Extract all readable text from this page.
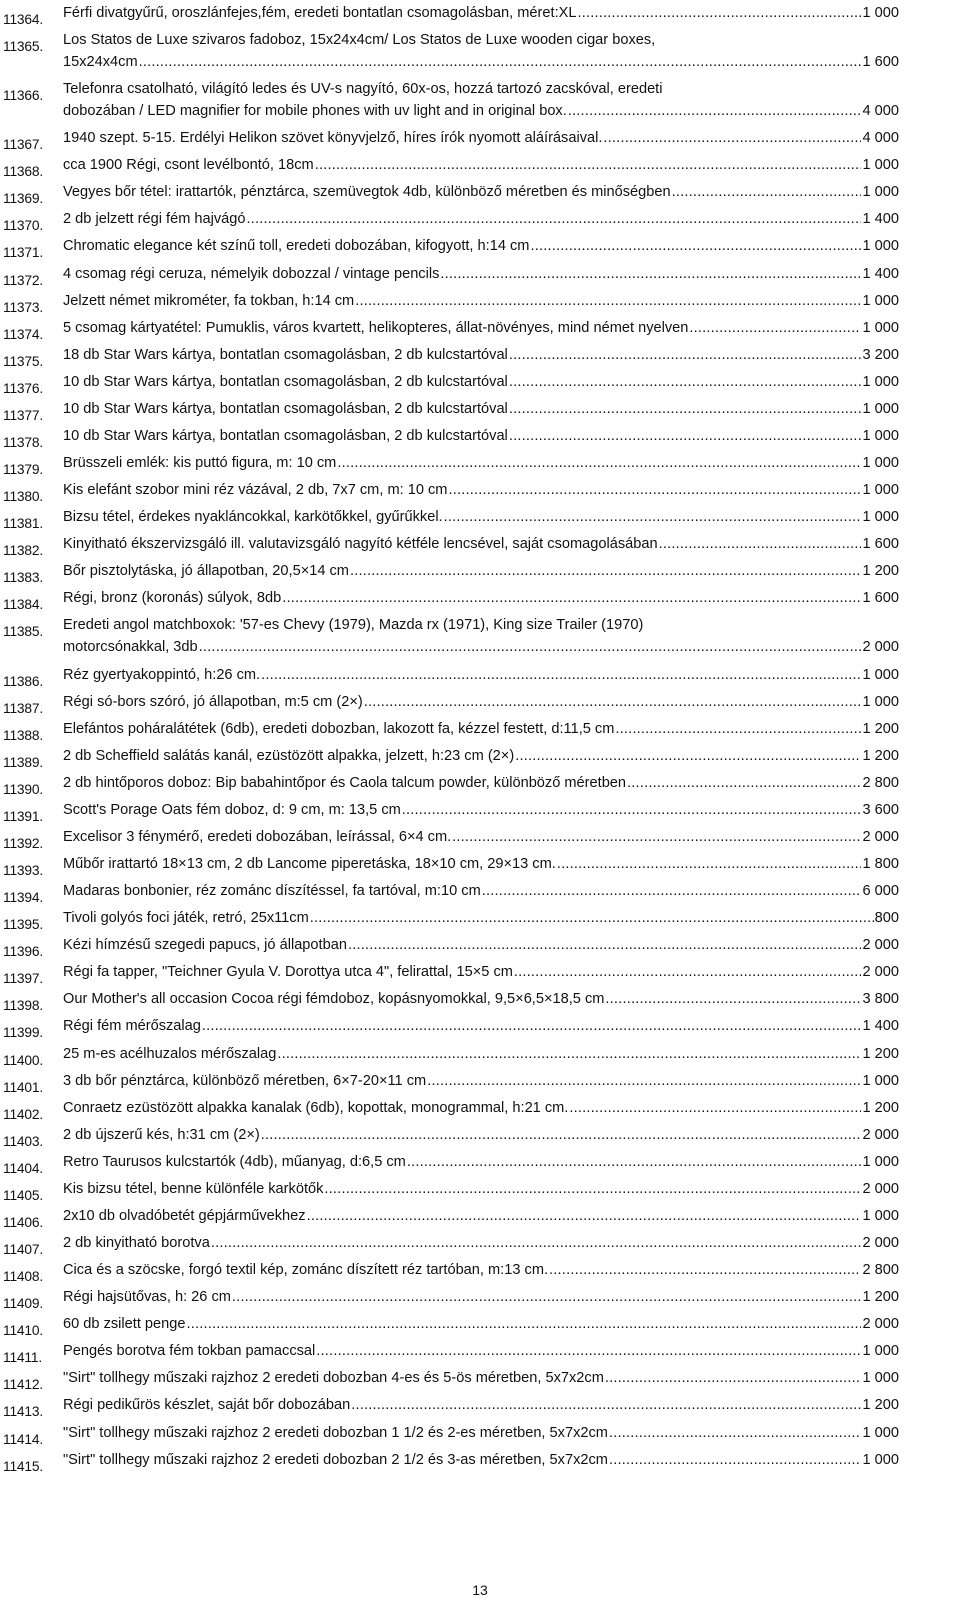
11364. Férfi divatgyűrű, oroszlánfejes,fém, eredeti bontatlan csomagolásban, méret:XL .....	1 000
11365. Los Statos de Luxe szivaros fadoboz, 15x24x4cm/ Los Statos de Luxe wooden cigar boxes,
15x24x4cm .....	1 600
11366. Telefonra csatolható, világító ledes és UV-s nagyító, 60x-os, hozzá tartozó zacskóval, eredeti
dobozában / LED magnifier for mobile phones with uv light and in original box. .....	4 000
11367. 1940 szept. 5-15. Erdélyi Helikon szövet könyvjelző, híres írók nyomott aláírásaival. .....	4 000
11368. cca 1900 Régi, csont levélbontó, 18cm .....	1 000
11369. Vegyes bőr tétel: irattartók, pénztárca, szemüvegtok 4db, különböző méretben és minőségben .....	1 000
11370. 2 db jelzett régi fém hajvágó .....	1 400
11371. Chromatic elegance két színű toll, eredeti dobozában, kifogyott, h:14 cm .....	1 000
11372. 4 csomag régi ceruza, némelyik dobozzal / vintage pencils .....	1 400
11373. Jelzett német mikrométer, fa tokban, h:14 cm .....	1 000
11374. 5 csomag kártyatétel: Pumuklis, város kvartett, helikopteres, állat-növényes, mind német nyelven .....	1 000
11375. 18 db Star Wars kártya, bontatlan csomagolásban, 2 db kulcstartóval .....	3 200
11376. 10 db Star Wars kártya, bontatlan csomagolásban, 2 db kulcstartóval .....	1 000
11377. 10 db Star Wars kártya, bontatlan csomagolásban, 2 db kulcstartóval .....	1 000
11378. 10 db Star Wars kártya, bontatlan csomagolásban, 2 db kulcstartóval .....	1 000
11379. Brüsszeli emlék: kis puttó figura, m: 10 cm .....	1 000
11380. Kis elefánt szobor mini réz vázával, 2 db, 7x7 cm, m: 10 cm .....	1 000
11381. Bizsu tétel, érdekes nyakláncokkal, karkötőkkel, gyűrűkkel. .....	1 000
11382. Kinyitható ékszervizsgáló ill. valutavizsgáló nagyító kétféle lencsével, saját csomagolásában .....	1 600
11383. Bőr pisztolytáska, jó állapotban, 20,5×14 cm .....	1 200
11384. Régi, bronz (koronás) súlyok, 8db .....	1 600
11385. Eredeti angol matchboxok: '57-es Chevy (1979), Mazda rx (1971), King size Trailer (1970)
motorcsónakkal, 3db .....	2 000
11386. Réz gyertyakoppintó, h:26 cm. .....	1 000
11387. Régi só-bors szóró, jó állapotban, m:5 cm (2×) .....	1 000
11388. Elefántos poháralátétek (6db), eredeti dobozban, lakozott fa, kézzel festett, d:11,5 cm .....	1 200
11389. 2 db Scheffield salátás kanál, ezüstözött alpakka, jelzett, h:23 cm (2×) .....	1 200
11390. 2 db hintőporos doboz: Bip babahintőpor és Caola talcum powder, különböző méretben .....	2 800
11391. Scott's Porage Oats fém doboz, d: 9 cm, m: 13,5 cm .....	3 600
11392. Excelisor 3 fénymérő, eredeti dobozában, leírással, 6×4 cm. .....	2 000
11393. Műbőr irattartó 18×13 cm, 2 db Lancome piperetáska, 18×10 cm, 29×13 cm. .....	1 800
11394. Madaras bonbonier, réz zománc díszítéssel, fa tartóval, m:10 cm .....	6 000
11395. Tivoli golyós foci játék, retró, 25x11cm .....	800
11396. Kézi hímzésű szegedi papucs, jó állapotban .....	2 000
11397. Régi fa tapper, "Teichner Gyula V. Dorottya utca 4", felirattal, 15×5 cm .....	2 000
11398. Our Mother's all occasion Cocoa régi fémdoboz, kopásnyomokkal, 9,5×6,5×18,5 cm .....	3 800
11399. Régi fém mérőszalag .....	1 400
11400. 25 m-es acélhuzalos mérőszalag .....	1 200
11401. 3 db bőr pénztárca, különböző méretben, 6×7-20×11 cm .....	1 000
11402. Conraetz ezüstözött alpakka kanalak (6db), kopottak, monogrammal, h:21 cm. .....	1 200
11403. 2 db újszerű kés, h:31 cm (2×) .....	2 000
11404. Retro Taurusos kulcstartók (4db), műanyag, d:6,5 cm .....	1 000
11405. Kis bizsu tétel, benne különféle karkötők .....	2 000
11406. 2x10 db olvadóbetét gépjárművekhez .....	1 000
11407. 2 db kinyitható borotva .....	2 000
11408. Cica és a szöcske, forgó textil kép, zománc díszített réz tartóban, m:13 cm. .....	2 800
11409. Régi hajsütővas, h: 26 cm .....	1 200
11410. 60 db zsilett penge .....	2 000
11411. Pengés borotva fém tokban pamaccsal .....	1 000
11412. "Sirt" tollhegy műszaki rajzhoz 2 eredeti dobozban 4-es és 5-ös méretben, 5x7x2cm .....	1 000
11413. Régi pedikűrös készlet, saját bőr dobozában .....	1 200
11414. "Sirt" tollhegy műszaki rajzhoz 2 eredeti dobozban 1 1/2 és 2-es méretben, 5x7x2cm .....	1 000
11415. "Sirt" tollhegy műszaki rajzhoz 2 eredeti dobozban 2 1/2 és 3-as méretben, 5x7x2cm .....	1 000
13
